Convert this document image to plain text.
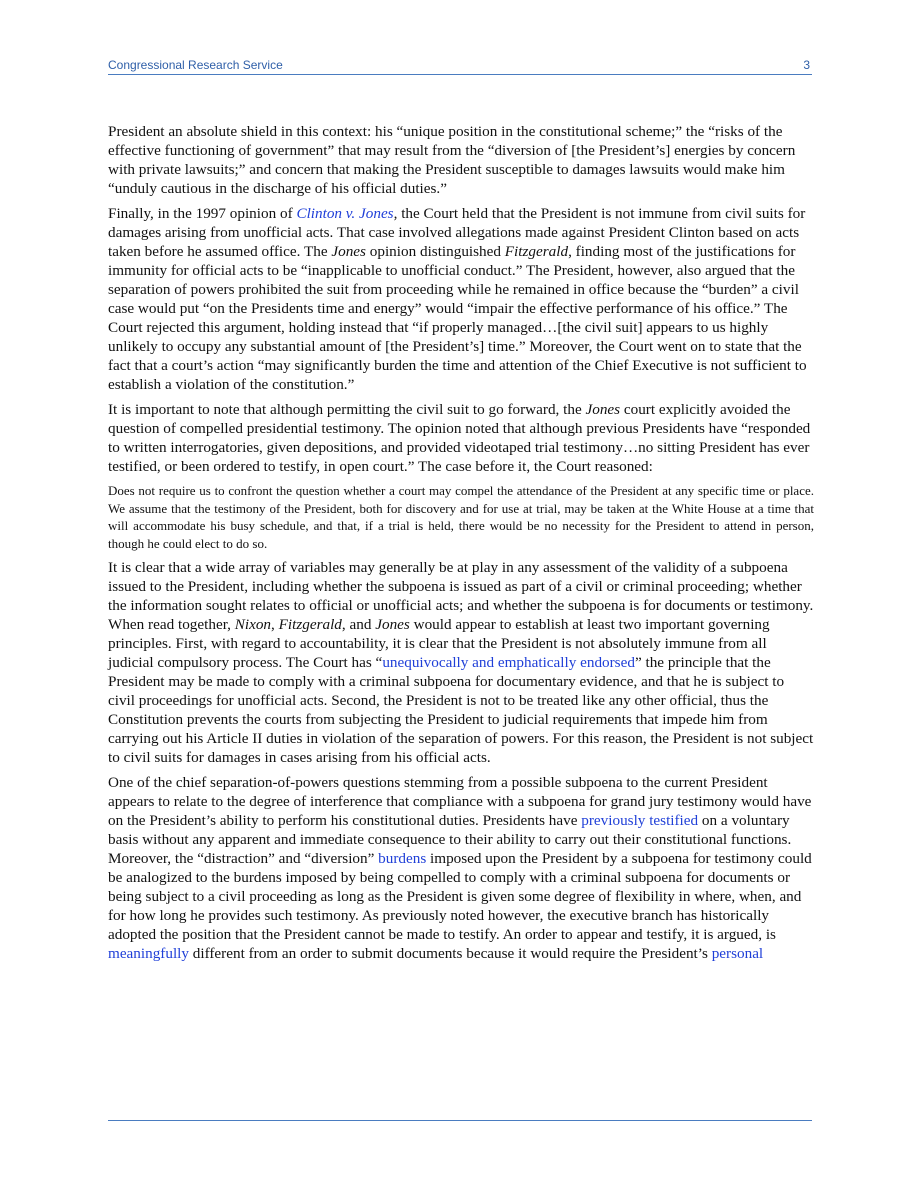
Congressional Research Service	3

President an absolute shield in this context: his “unique position in the constitutional scheme;” the “risks of the effective functioning of government” that may result from the “diversion of [the President’s] energies by concern with private lawsuits;” and concern that making the President susceptible to damages lawsuits would make him “unduly cautious in the discharge of his official duties.”

Finally, in the 1997 opinion of Clinton v. Jones, the Court held that the President is not immune from civil suits for damages arising from unofficial acts. That case involved allegations made against President Clinton based on acts taken before he assumed office. The Jones opinion distinguished Fitzgerald, finding most of the justifications for immunity for official acts to be “inapplicable to unofficial conduct.” The President, however, also argued that the separation of powers prohibited the suit from proceeding while he remained in office because the “burden” a civil case would put “on the Presidents time and energy” would “impair the effective performance of his office.” The Court rejected this argument, holding instead that “if properly managed…[the civil suit] appears to us highly unlikely to occupy any substantial amount of [the President’s] time.” Moreover, the Court went on to state that the fact that a court’s action “may significantly burden the time and attention of the Chief Executive is not sufficient to establish a violation of the constitution.”

It is important to note that although permitting the civil suit to go forward, the Jones court explicitly avoided the question of compelled presidential testimony. The opinion noted that although previous Presidents have “responded to written interrogatories, given depositions, and provided videotaped trial testimony…no sitting President has ever testified, or been ordered to testify, in open court.” The case before it, the Court reasoned:

Does not require us to confront the question whether a court may compel the attendance of the President at any specific time or place. We assume that the testimony of the President, both for discovery and for use at trial, may be taken at the White House at a time that will accommodate his busy schedule, and that, if a trial is held, there would be no necessity for the President to attend in person, though he could elect to do so.

It is clear that a wide array of variables may generally be at play in any assessment of the validity of a subpoena issued to the President, including whether the subpoena is issued as part of a civil or criminal proceeding; whether the information sought relates to official or unofficial acts; and whether the subpoena is for documents or testimony. When read together, Nixon, Fitzgerald, and Jones would appear to establish at least two important governing principles. First, with regard to accountability, it is clear that the President is not absolutely immune from all judicial compulsory process. The Court has “unequivocally and emphatically endorsed” the principle that the President may be made to comply with a criminal subpoena for documentary evidence, and that he is subject to civil proceedings for unofficial acts. Second, the President is not to be treated like any other official, thus the Constitution prevents the courts from subjecting the President to judicial requirements that impede him from carrying out his Article II duties in violation of the separation of powers. For this reason, the President is not subject to civil suits for damages in cases arising from his official acts.

One of the chief separation-of-powers questions stemming from a possible subpoena to the current President appears to relate to the degree of interference that compliance with a subpoena for grand jury testimony would have on the President’s ability to perform his constitutional duties. Presidents have previously testified on a voluntary basis without any apparent and immediate consequence to their ability to carry out their constitutional functions. Moreover, the “distraction” and “diversion” burdens imposed upon the President by a subpoena for testimony could be analogized to the burdens imposed by being compelled to comply with a criminal subpoena for documents or being subject to a civil proceeding as long as the President is given some degree of flexibility in where, when, and for how long he provides such testimony. As previously noted however, the executive branch has historically adopted the position that the President cannot be made to testify. An order to appear and testify, it is argued, is meaningfully different from an order to submit documents because it would require the President’s personal
